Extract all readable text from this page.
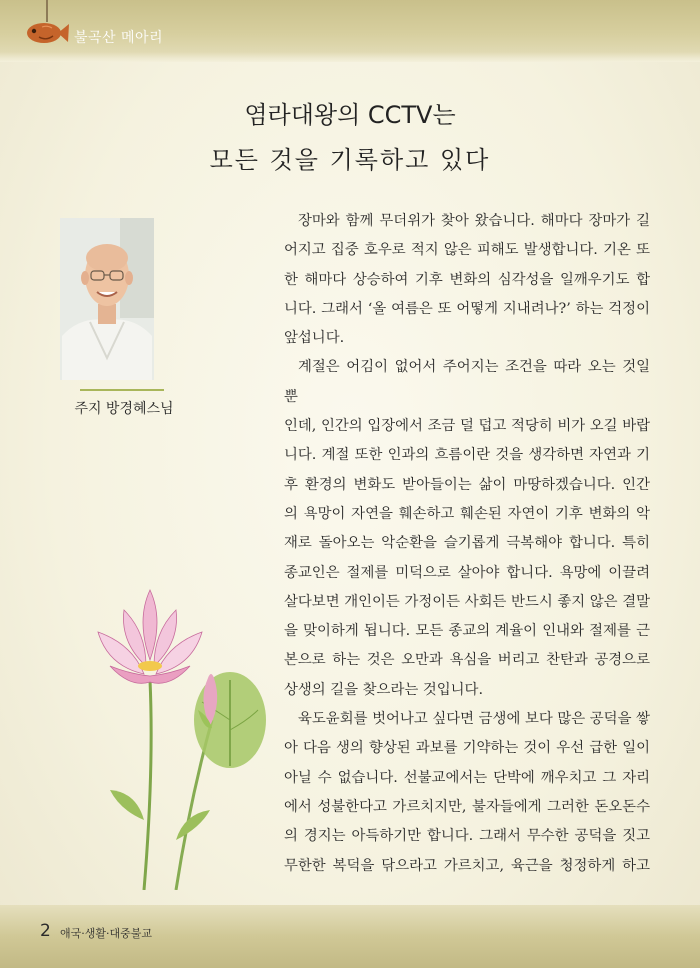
불곡산 메아리
염라대왕의 CCTV는
모든 것을 기록하고 있다
주지 방경혜스님
장마와 함께 무더위가 찾아 왔습니다. 해마다 장마가 길
어지고 집중 호우로 적지 않은 피해도 발생합니다. 기온 또
한 해마다 상승하여 기후 변화의 심각성을 일깨우기도 합
니다. 그래서 ‘올 여름은 또 어떻게 지내려나?’ 하는 걱정이
앞섭니다.
계절은 어김이 없어서 주어지는 조건을 따라 오는 것일 뿐
인데, 인간의 입장에서 조금 덜 덥고 적당히 비가 오길 바랍
니다. 계절 또한 인과의 흐름이란 것을 생각하면 자연과 기
후 환경의 변화도 받아들이는 삶이 마땅하겠습니다. 인간
의 욕망이 자연을 훼손하고 훼손된 자연이 기후 변화의 악
재로 돌아오는 악순환을 슬기롭게 극복해야 합니다. 특히
종교인은 절제를 미덕으로 살아야 합니다. 욕망에 이끌려
살다보면 개인이든 가정이든 사회든 반드시 좋지 않은 결말
을 맞이하게 됩니다. 모든 종교의 계율이 인내와 절제를 근
본으로 하는 것은 오만과 욕심을 버리고 찬탄과 공경으로
상생의 길을 찾으라는 것입니다.
육도윤회를 벗어나고 싶다면 금생에 보다 많은 공덕을 쌓
아 다음 생의 향상된 과보를 기약하는 것이 우선 급한 일이
아닐 수 없습니다. 선불교에서는 단박에 깨우치고 그 자리
에서 성불한다고 가르치지만, 불자들에게 그러한 돈오돈수
의 경지는 아득하기만 합니다. 그래서 무수한 공덕을 짓고
무한한 복덕을 닦으라고 가르치고, 육근을 청정하게 하고
2 애국·생활·대중불교
